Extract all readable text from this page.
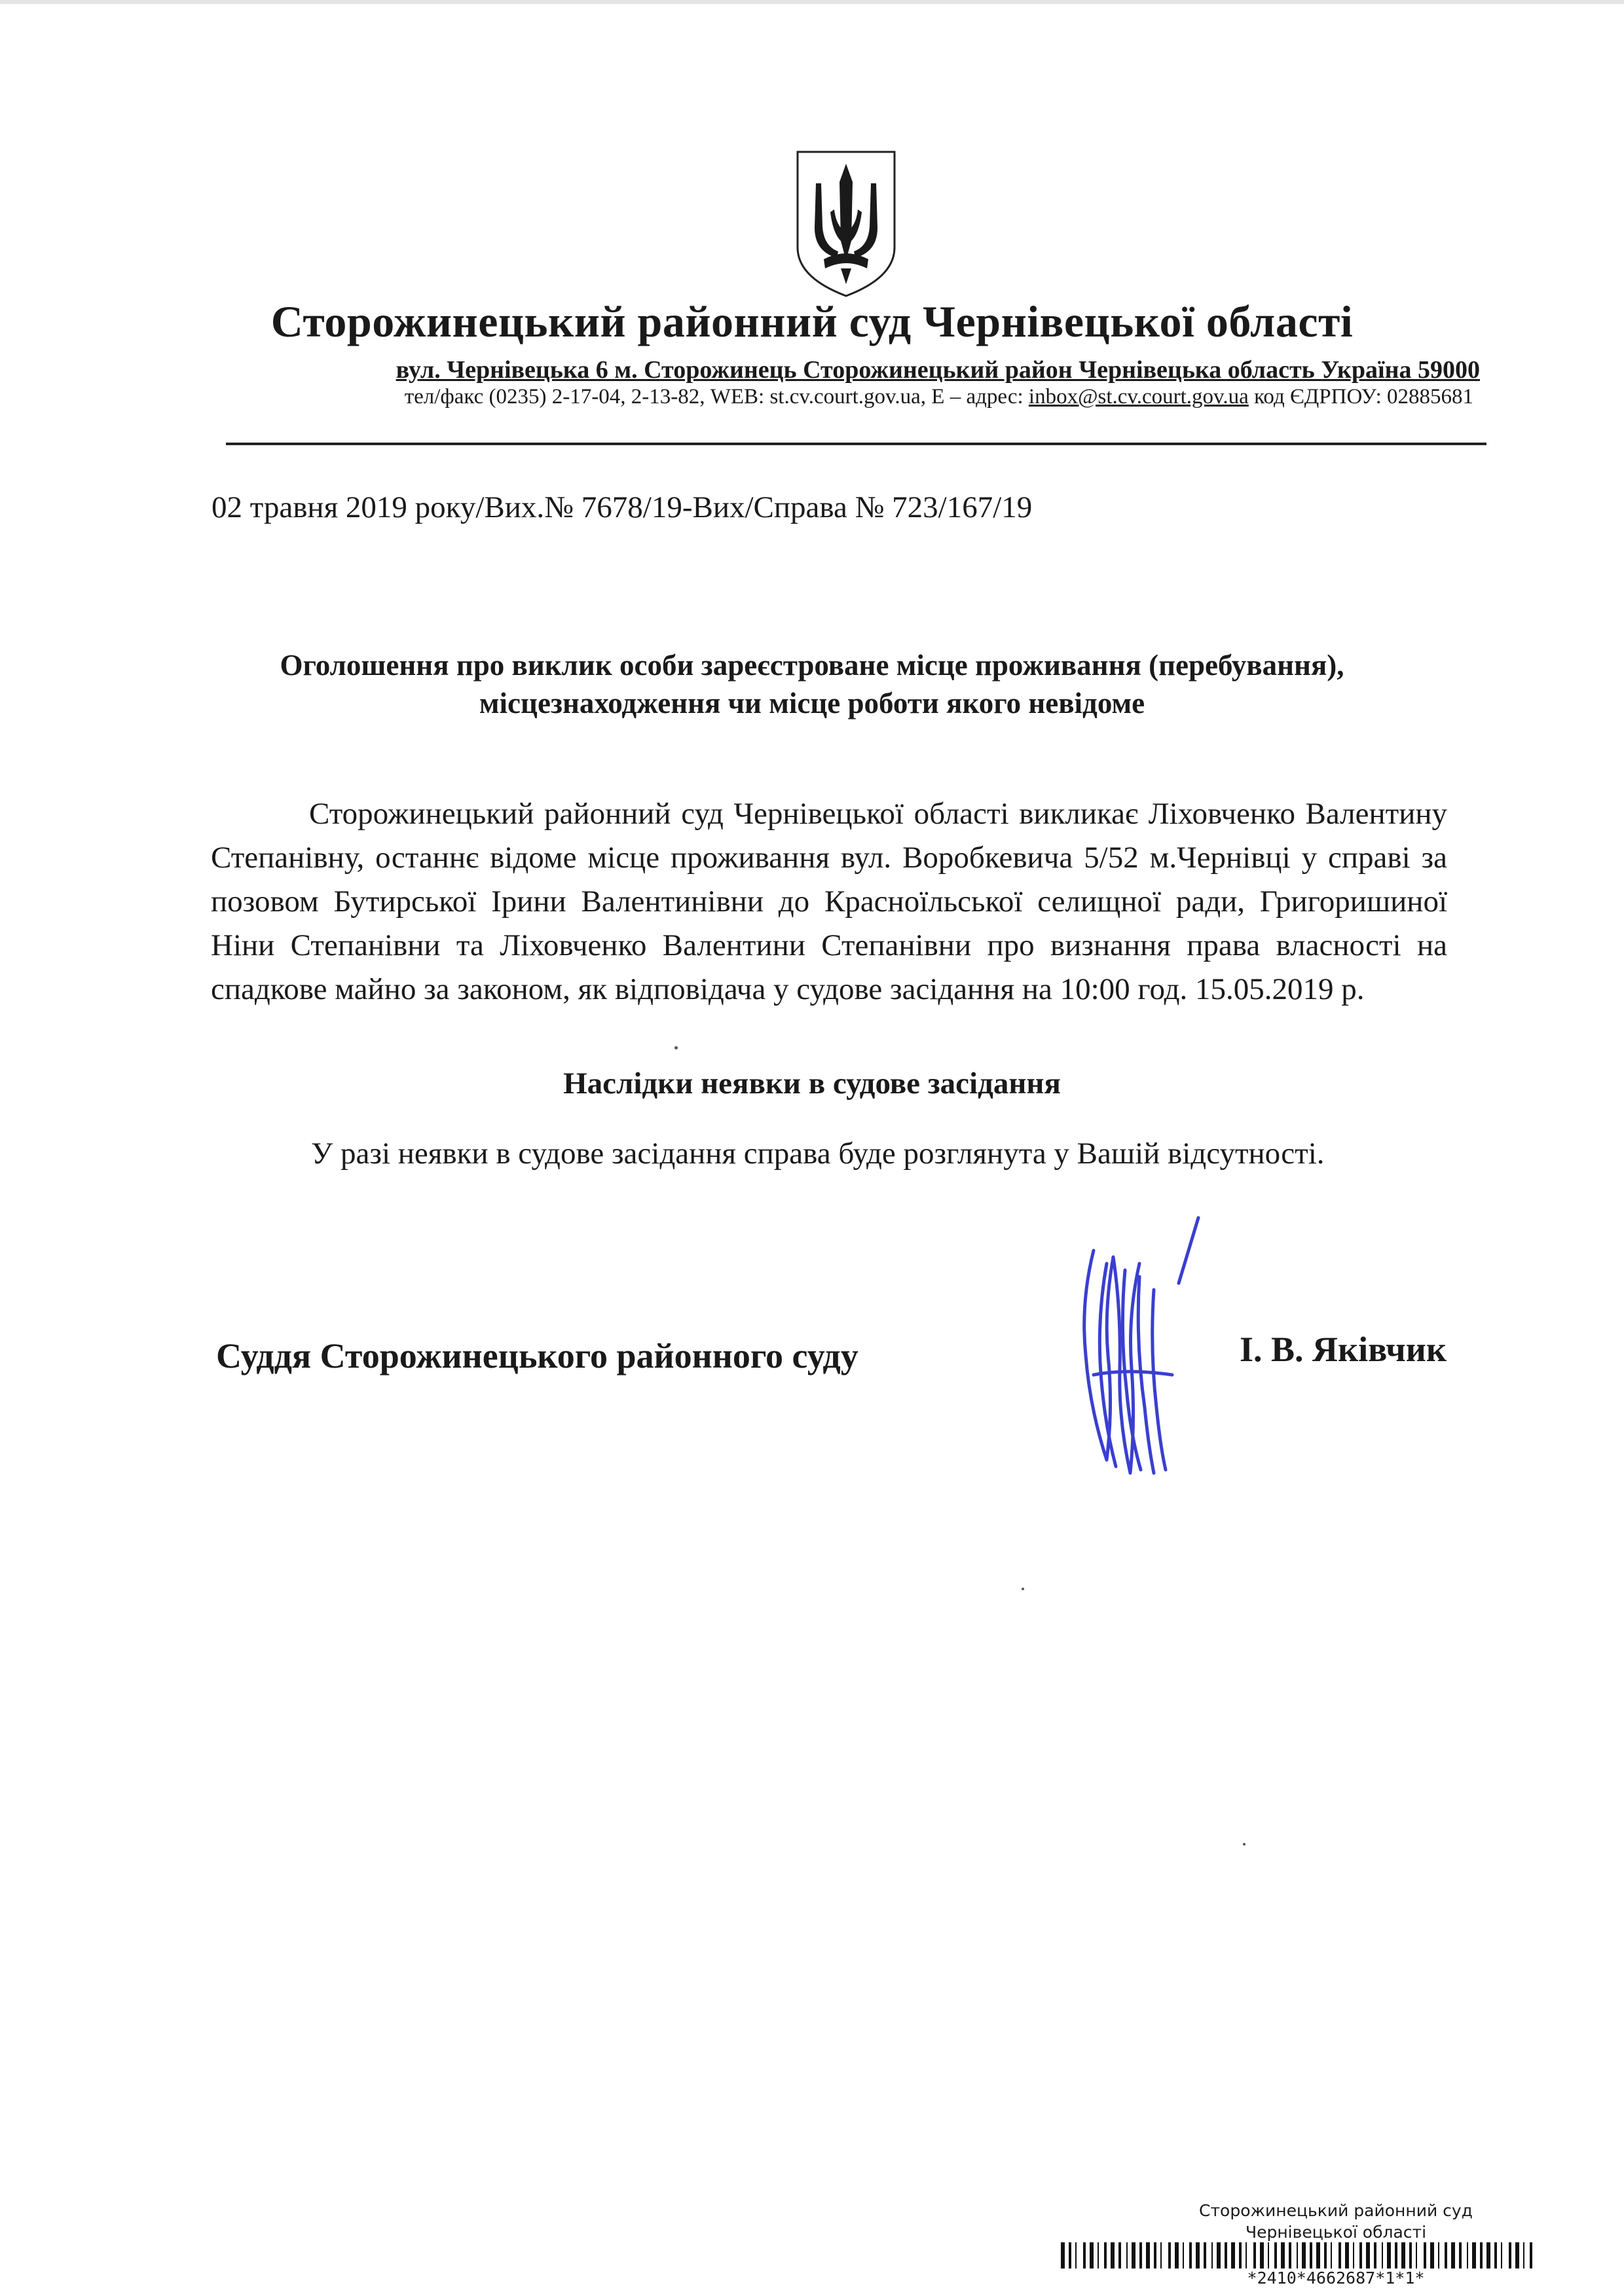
Сторожинецький районний суд Чернівецької області
вул. Чернівецька 6 м. Сторожинець Сторожинецький район Чернівецька область Україна 59000
тел/факс (0235) 2-17-04, 2-13-82, WEB: st.cv.court.gov.ua, Е – адрес: inbox@st.cv.court.gov.ua код ЄДРПОУ: 02885681
02 травня 2019 року/Вих.№ 7678/19-Вих/Справа № 723/167/19
Оголошення про виклик особи зареєстроване місце проживання (перебування),
місцезнаходження чи місце роботи якого невідоме
Сторожинецький районний суд Чернівецької області викликає Ліховченко Валентину Степанівну, останнє відоме місце проживання вул. Воробкевича 5/52 м.Чернівці у справі за позовом Бутирської Ірини Валентинівни до Красноїльської селищної ради, Григоришиної Ніни Степанівни та Ліховченко Валентини Степанівни про визнання права власності на спадкове майно за законом, як відповідача у судове засідання на 10:00 год. 15.05.2019 р.
Наслідки неявки в судове засідання
У разі неявки в судове засідання справа буде розглянута у Вашій відсутності.
Суддя Сторожинецького районного суду	І. В. Яківчик
Сторожинецький районний суд
Чернівецької області
*2410*4662687*1*1*
